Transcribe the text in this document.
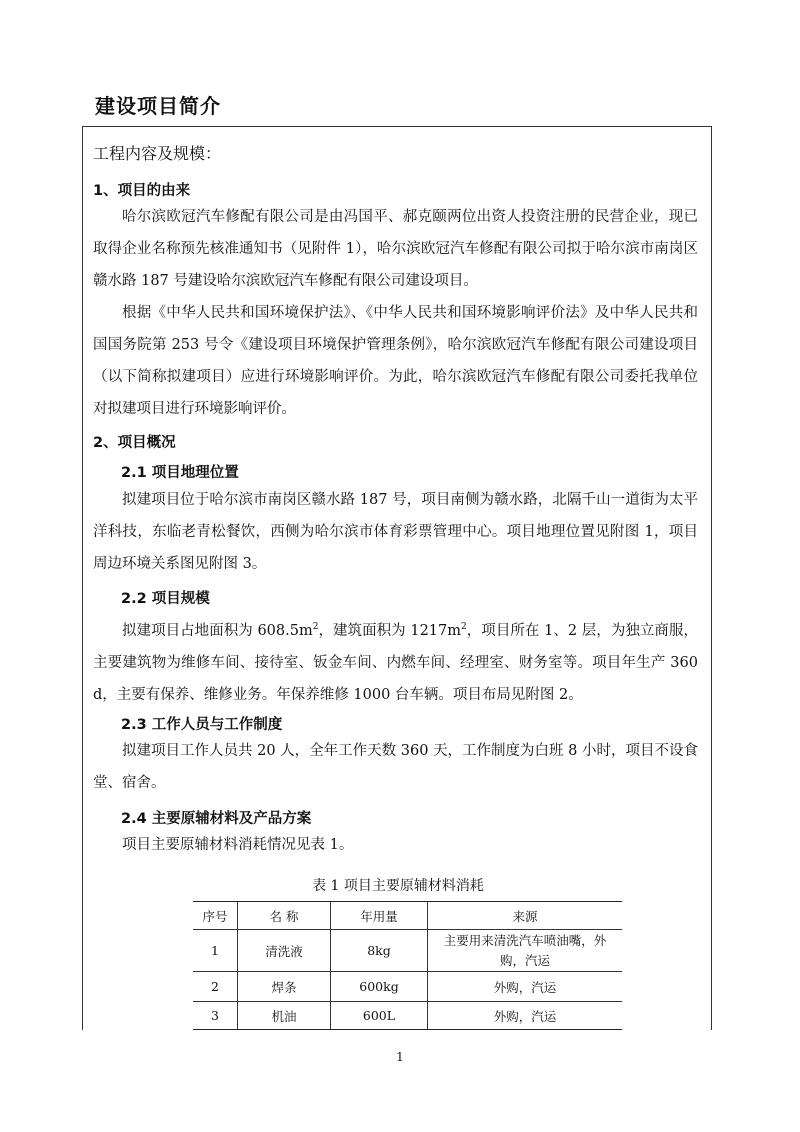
建设项目简介
工程内容及规模：
1、项目的由来
哈尔滨欧冠汽车修配有限公司是由冯国平、郝克颐两位出资人投资注册的民营企业，现已取得企业名称预先核准通知书（见附件 1），哈尔滨欧冠汽车修配有限公司拟于哈尔滨市南岗区赣水路 187 号建设哈尔滨欧冠汽车修配有限公司建设项目。
根据《中华人民共和国环境保护法》、《中华人民共和国环境影响评价法》及中华人民共和国国务院第 253 号令《建设项目环境保护管理条例》，哈尔滨欧冠汽车修配有限公司建设项目（以下简称拟建项目）应进行环境影响评价。为此，哈尔滨欧冠汽车修配有限公司委托我单位对拟建项目进行环境影响评价。
2、项目概况
2.1 项目地理位置
拟建项目位于哈尔滨市南岗区赣水路 187 号，项目南侧为赣水路，北隔千山一道街为太平洋科技，东临老青松餐饮，西侧为哈尔滨市体育彩票管理中心。项目地理位置见附图 1，项目周边环境关系图见附图 3。
2.2 项目规模
拟建项目占地面积为 $608.5m^2$，建筑面积为 $1217m^2$，项目所在 1、2 层，为独立商服，主要建筑物为维修车间、接待室、钣金车间、内燃车间、经理室、财务室等。项目年生产 360d，主要有保养、维修业务。年保养维修 1000 台车辆。项目布局见附图 2。
2.3 工作人员与工作制度
拟建项目工作人员共 20 人，全年工作天数 360 天，工作制度为白班 8 小时，项目不设食堂、宿舍。
2.4 主要原辅材料及产品方案
项目主要原辅材料消耗情况见表 1。
表 1 项目主要原辅材料消耗
序号	名 称	年用量	来源
1	清洗液	8kg	主要用来清洗汽车喷油嘴，外购，汽运
2	焊条	600kg	外购，汽运
3	机油	600L	外购，汽运
1
